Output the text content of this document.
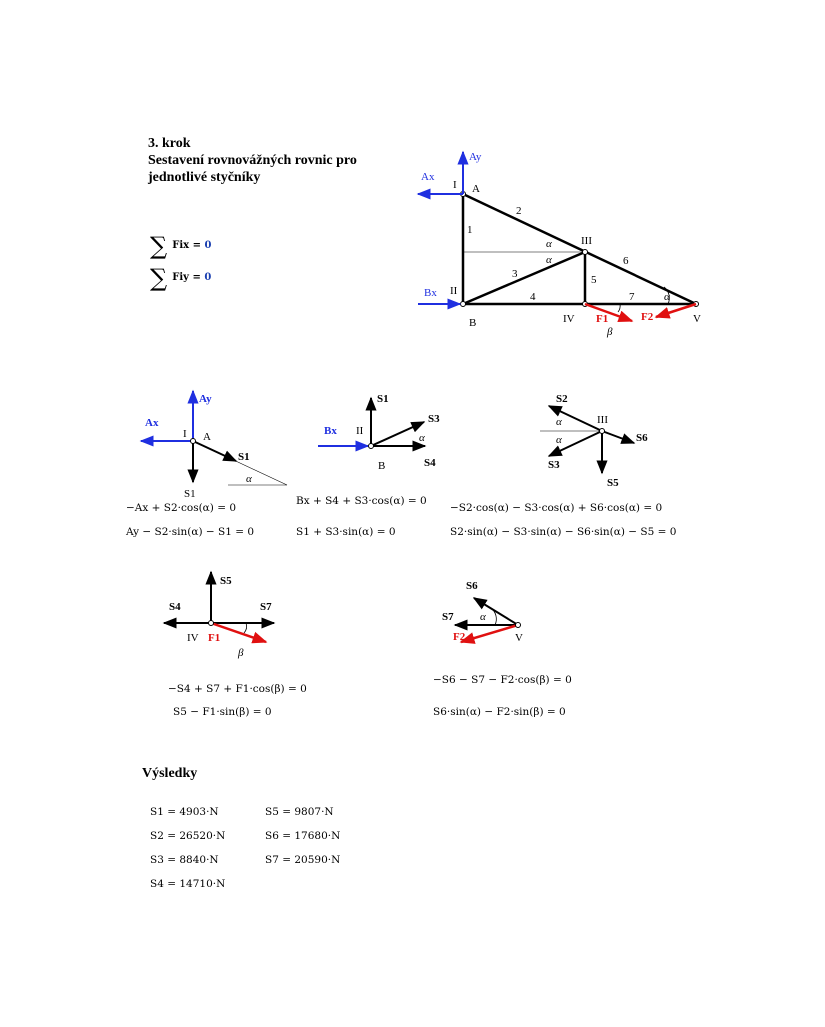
3. krok
Sestavení rovnovážných rovnic pro
jednotlivé styčníky
∑ $^{Fix = 0}$
∑ $^{Fiy = 0}$
Ay
Ax
Bx
I A
II
B
III
IV	V
1
2
3
4
5
6
7
α
α
α
β
F1	F2
Ay
Ax
I A
S1
S1
α
S1
S3
α
II
Bx
B	S4
S2
III
α
α	S6
S3
S5
S5
S4	S7
IV F1
β
S6
S7 α
F2	V
−Ax + S2·cos(α) = 0
Ay − S2·sin(α) − S1 = 0
Bx + S4 + S3·cos(α) = 0
S1 + S3·sin(α) = 0
−S2·cos(α) − S3·cos(α) + S6·cos(α) = 0
S2·sin(α) − S3·sin(α) − S6·sin(α) − S5 = 0
−S4 + S7 + F1·cos(β) = 0
S5 − F1·sin(β) = 0
−S6 − S7 − F2·cos(β) = 0
S6·sin(α) − F2·sin(β) = 0
Výsledky
S1 = 4903·N
S2 = 26520·N
S3 = 8840·N
S4 = 14710·N
S5 = 9807·N
S6 = 17680·N
S7 = 20590·N
